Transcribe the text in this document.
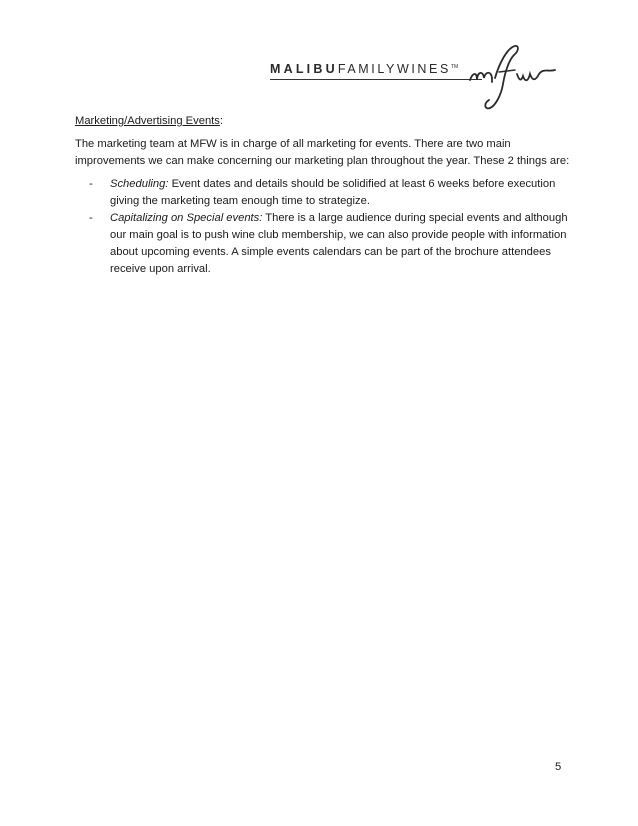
MALIBUFAMILYWINES™

Marketing/Advertising Events:

The marketing team at MFW is in charge of all marketing for events. There are two main improvements we can make concerning our marketing plan throughout the year. These 2 things are:

- Scheduling: Event dates and details should be solidified at least 6 weeks before execution giving the marketing team enough time to strategize.
- Capitalizing on Special events: There is a large audience during special events and although our main goal is to push wine club membership, we can also provide people with information about upcoming events. A simple events calendars can be part of the brochure attendees receive upon arrival.
5
